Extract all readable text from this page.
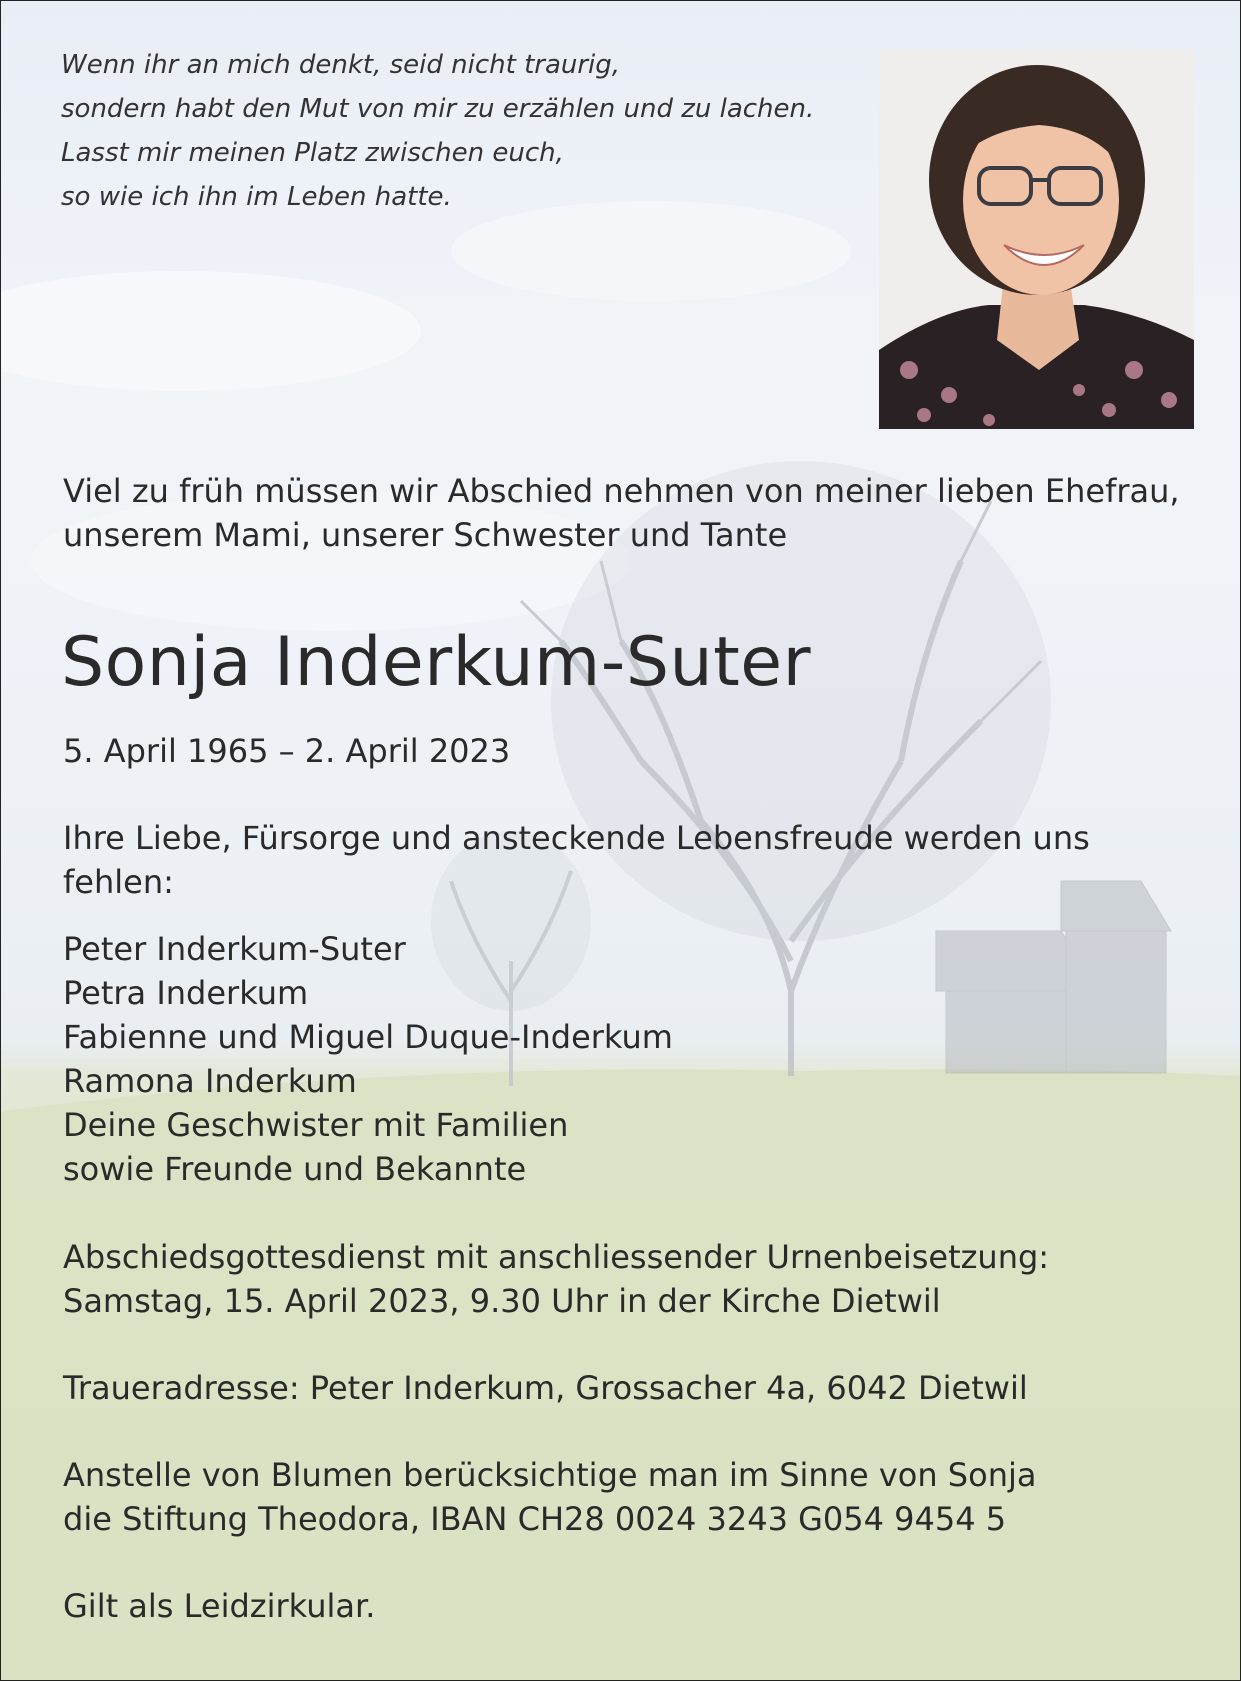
Wenn ihr an mich denkt, seid nicht traurig,
sondern habt den Mut von mir zu erzählen und zu lachen.
Lasst mir meinen Platz zwischen euch,
so wie ich ihn im Leben hatte.
Viel zu früh müssen wir Abschied nehmen von meiner lieben Ehefrau,
unserem Mami, unserer Schwester und Tante
Sonja Inderkum-Suter
5. April 1965 – 2. April 2023
Ihre Liebe, Fürsorge und ansteckende Lebensfreude werden uns
fehlen:
Peter Inderkum-Suter
Petra Inderkum
Fabienne und Miguel Duque-Inderkum
Ramona Inderkum
Deine Geschwister mit Familien
sowie Freunde und Bekannte
Abschiedsgottesdienst mit anschliessender Urnenbeisetzung:
Samstag, 15. April 2023, 9.30 Uhr in der Kirche Dietwil
Traueradresse: Peter Inderkum, Grossacher 4a, 6042 Dietwil
Anstelle von Blumen berücksichtige man im Sinne von Sonja
die Stiftung Theodora, IBAN CH28 0024 3243 G054 9454 5
Gilt als Leidzirkular.
